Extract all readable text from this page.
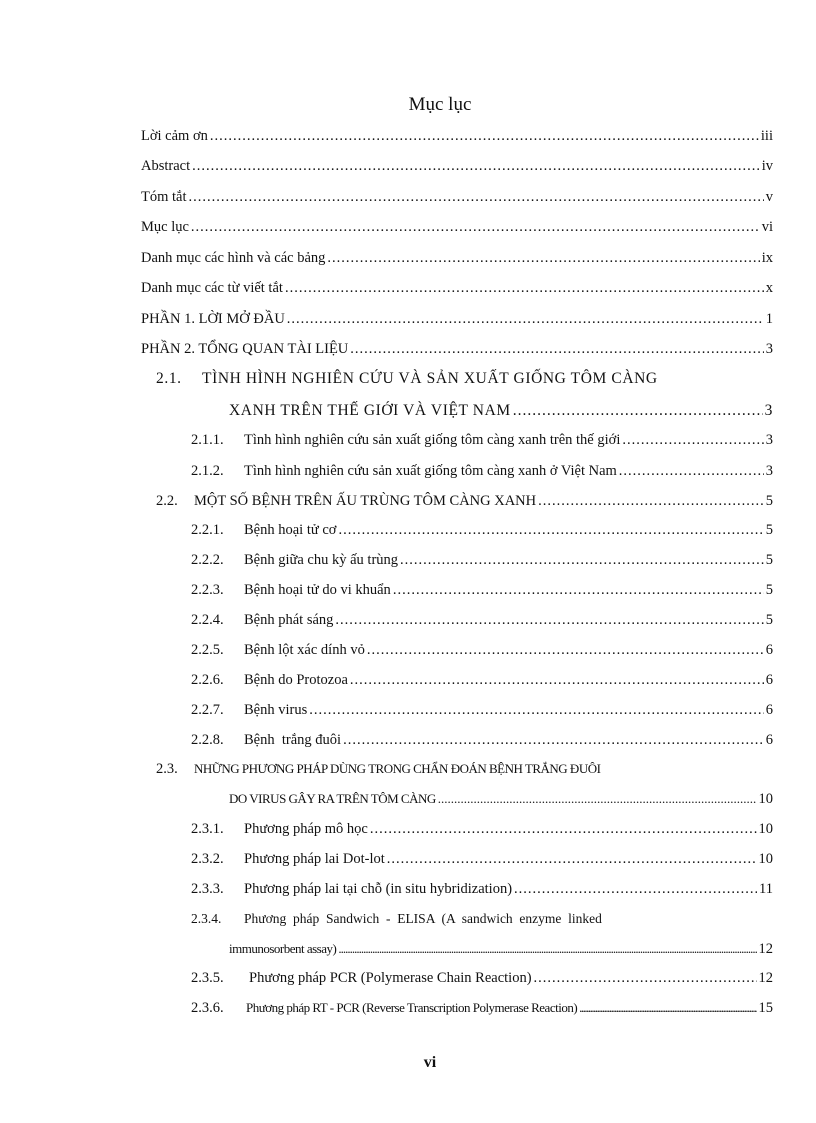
Mục lục
Lời cảm ơn .....	iii
Abstract .....	iv
Tóm tắt .....	v
Mục lục .....	vi
Danh mục các hình và các bảng .....	ix
Danh mục các từ viết tắt .....	x
PHẦN 1. LỜI MỞ ĐẦU .....	1
PHẦN 2. TỔNG QUAN TÀI LIỆU .....	3
2.1.	TÌNH HÌNH NGHIÊN CỨU VÀ SẢN XUẤT GIỐNG TÔM CÀNG
XANH TRÊN THẾ GIỚI VÀ VIỆT NAM .....	3
2.1.1.	Tình hình nghiên cứu sản xuất giống tôm càng xanh trên thế giới .....	3
2.1.2.	Tình hình nghiên cứu sản xuất giống tôm càng xanh ở Việt Nam .....	3
2.2.	MỘT SỐ BỆNH TRÊN ẤU TRÙNG TÔM CÀNG XANH .....	5
2.2.1.	Bệnh hoại tử cơ .....	5
2.2.2.	Bệnh giữa chu kỳ ấu trùng .....	5
2.2.3.	Bệnh hoại tử do vi khuẩn .....	5
2.2.4.	Bệnh phát sáng .....	5
2.2.5.	Bệnh lột xác dính vỏ .....	6
2.2.6.	Bệnh do Protozoa .....	6
2.2.7.	Bệnh virus .....	6
2.2.8.	Bệnh  trắng đuôi .....	6
2.3.	NHỮNG PHƯƠNG PHÁP DÙNG TRONG CHẨN ĐOÁN BỆNH TRẮNG ĐUÔI
DO VIRUS GÂY RA TRÊN TÔM CÀNG .....	10
2.3.1.	Phương pháp mô học .....	10
2.3.2.	Phương pháp lai Dot-lot .....	10
2.3.3.	Phương pháp lai tại chỗ (in situ hybridization) .....	11
2.3.4.	Phương  pháp  Sandwich  -  ELISA  (A  sandwich  enzyme  linked
immunosorbent assay) .....	12
2.3.5.	Phương pháp PCR (Polymerase Chain Reaction) .....	12
2.3.6.	Phương pháp RT - PCR (Reverse Transcription Polymerase Reaction) .....	15
vi
